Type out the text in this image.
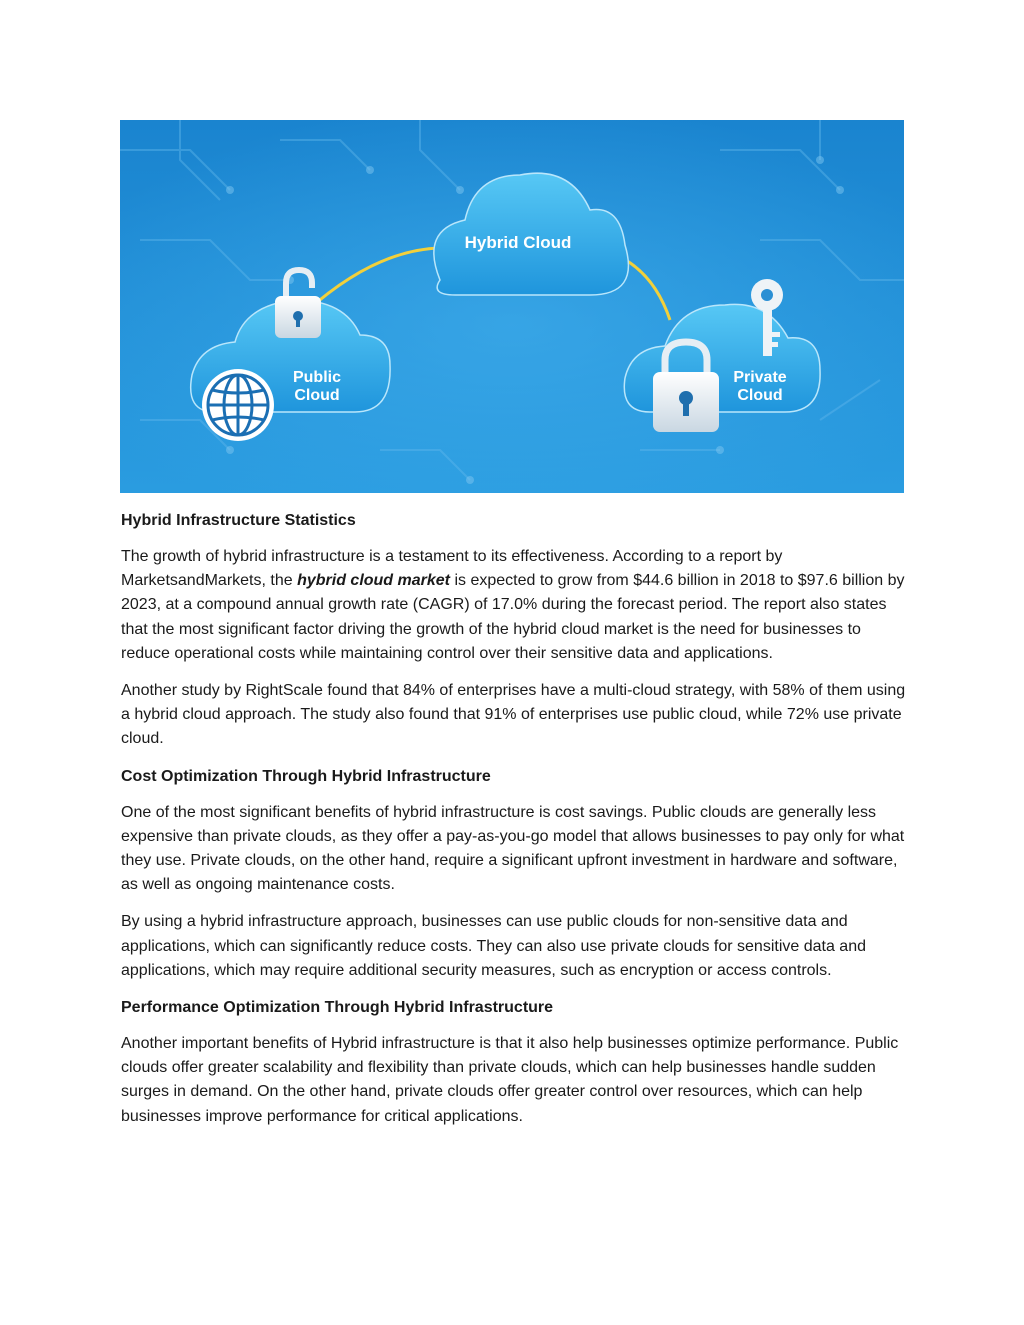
Hybrid Cloud
Public
Cloud
Private
Cloud
Hybrid Infrastructure Statistics

The growth of hybrid infrastructure is a testament to its effectiveness. According to a report by MarketsandMarkets, the hybrid cloud market is expected to grow from $44.6 billion in 2018 to $97.6 billion by 2023, at a compound annual growth rate (CAGR) of 17.0% during the forecast period. The report also states that the most significant factor driving the growth of the hybrid cloud market is the need for businesses to reduce operational costs while maintaining control over their sensitive data and applications.

Another study by RightScale found that 84% of enterprises have a multi-cloud strategy, with 58% of them using a hybrid cloud approach. The study also found that 91% of enterprises use public cloud, while 72% use private cloud.

Cost Optimization Through Hybrid Infrastructure

One of the most significant benefits of hybrid infrastructure is cost savings. Public clouds are generally less expensive than private clouds, as they offer a pay-as-you-go model that allows businesses to pay only for what they use. Private clouds, on the other hand, require a significant upfront investment in hardware and software, as well as ongoing maintenance costs.

By using a hybrid infrastructure approach, businesses can use public clouds for non-sensitive data and applications, which can significantly reduce costs. They can also use private clouds for sensitive data and applications, which may require additional security measures, such as encryption or access controls.

Performance Optimization Through Hybrid Infrastructure

Another important benefits of Hybrid infrastructure is that it also help businesses optimize performance. Public clouds offer greater scalability and flexibility than private clouds, which can help businesses handle sudden surges in demand. On the other hand, private clouds offer greater control over resources, which can help businesses improve performance for critical applications.
